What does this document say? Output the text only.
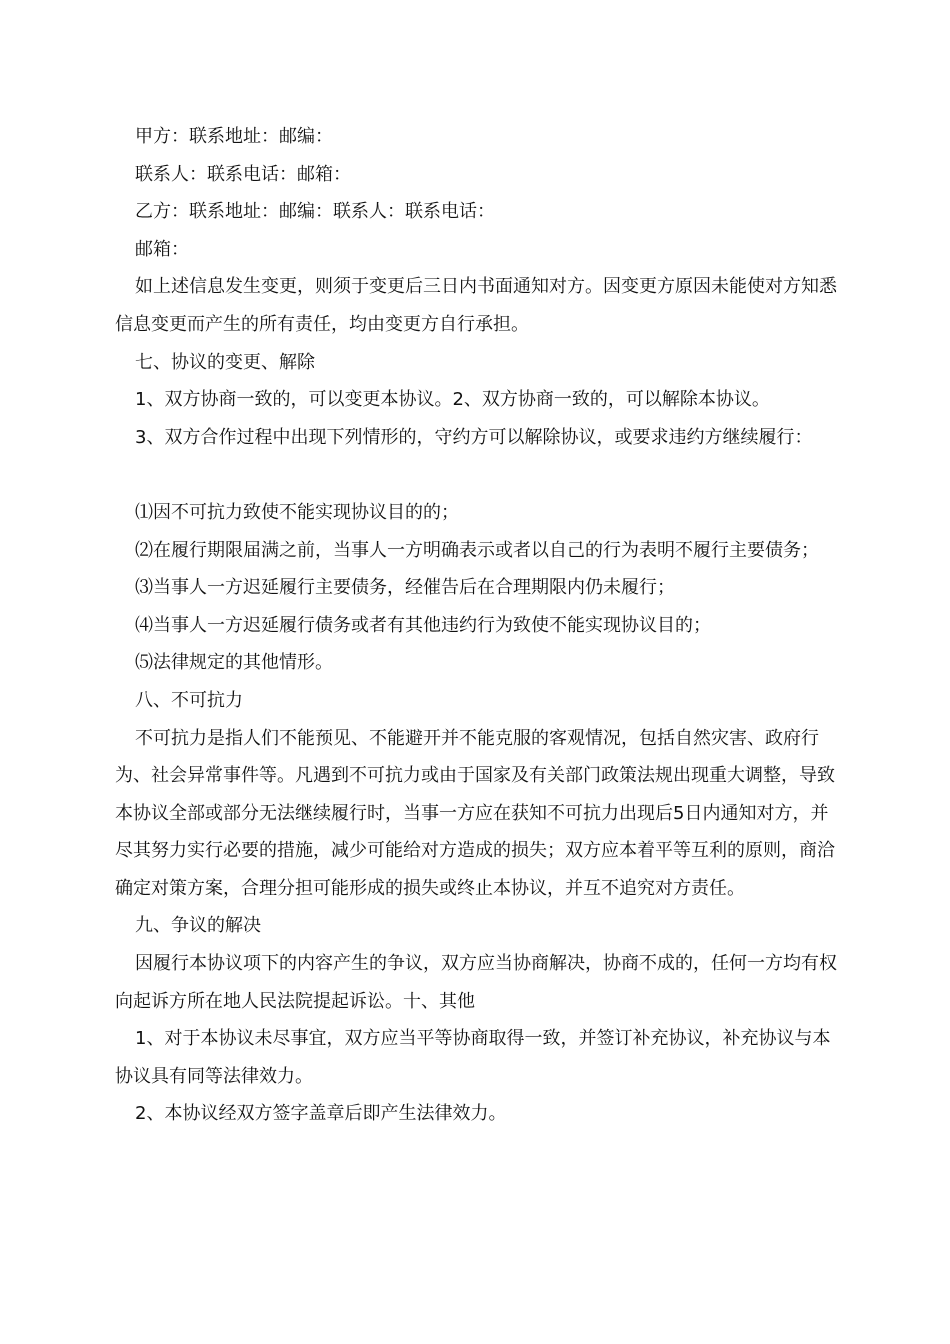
甲方：联系地址：邮编：

联系人：联系电话：邮箱：

乙方：联系地址：邮编：联系人：联系电话：

邮箱：

如上述信息发生变更，则须于变更后三日内书面通知对方。因变更方原因未能使对方知悉信息变更而产生的所有责任，均由变更方自行承担。

七、协议的变更、解除

1、双方协商一致的，可以变更本协议。2、双方协商一致的，可以解除本协议。

3、双方合作过程中出现下列情形的，守约方可以解除协议，或要求违约方继续履行：

⑴因不可抗力致使不能实现协议目的的；

⑵在履行期限届满之前，当事人一方明确表示或者以自己的行为表明不履行主要债务；

⑶当事人一方迟延履行主要债务，经催告后在合理期限内仍未履行；

⑷当事人一方迟延履行债务或者有其他违约行为致使不能实现协议目的；

⑸法律规定的其他情形。

八、不可抗力

不可抗力是指人们不能预见、不能避开并不能克服的客观情况，包括自然灾害、政府行为、社会异常事件等。凡遇到不可抗力或由于国家及有关部门政策法规出现重大调整，导致本协议全部或部分无法继续履行时，当事一方应在获知不可抗力出现后5日内通知对方，并尽其努力实行必要的措施，减少可能给对方造成的损失；双方应本着平等互利的原则，商洽确定对策方案，合理分担可能形成的损失或终止本协议，并互不追究对方责任。

九、争议的解决

因履行本协议项下的内容产生的争议，双方应当协商解决，协商不成的，任何一方均有权向起诉方所在地人民法院提起诉讼。十、其他

1、对于本协议未尽事宜，双方应当平等协商取得一致，并签订补充协议，补充协议与本协议具有同等法律效力。

2、本协议经双方签字盖章后即产生法律效力。
